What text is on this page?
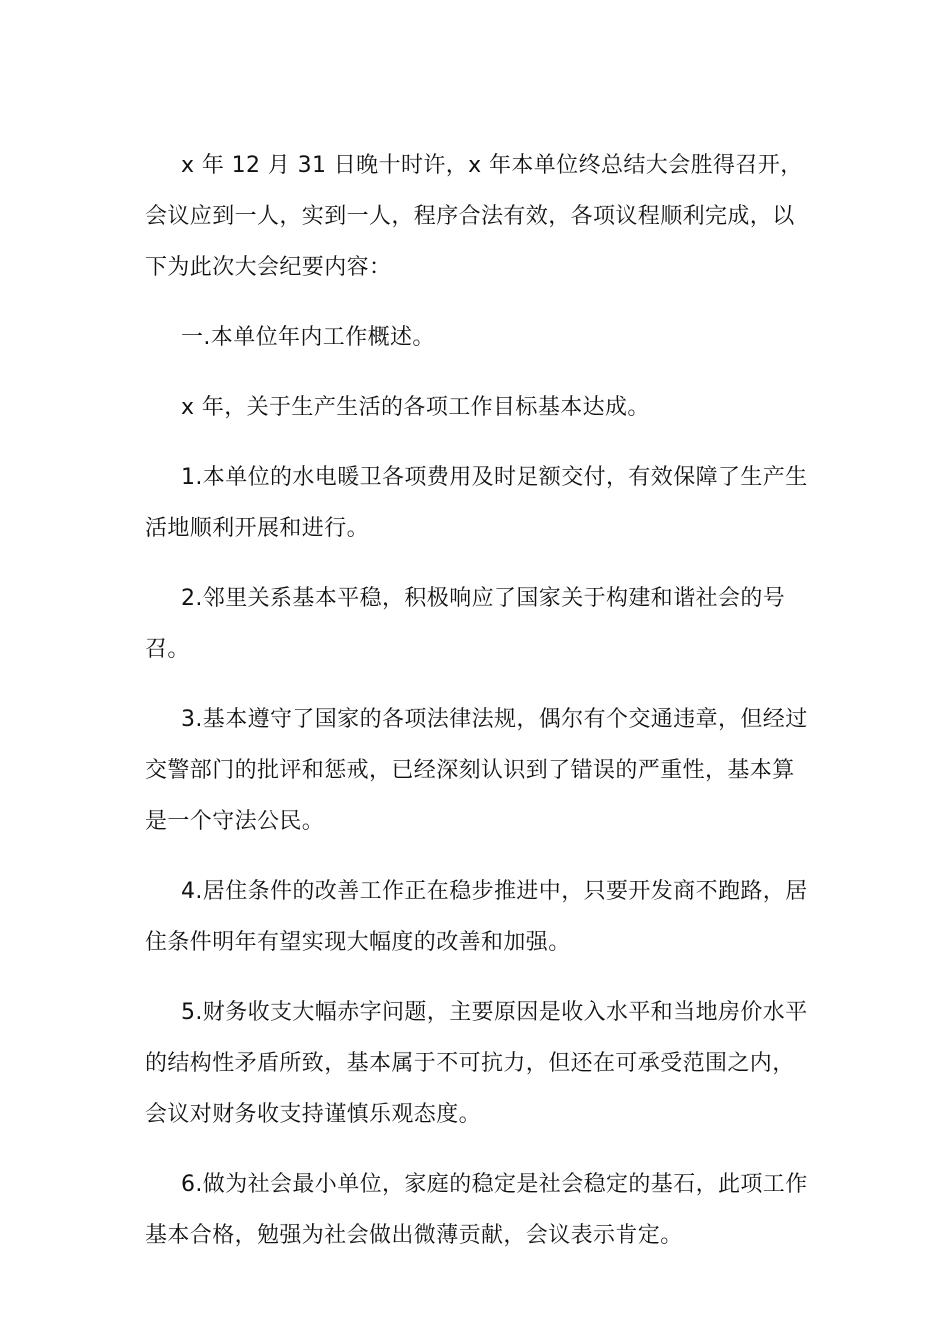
x 年 12 月 31 日晚十时许，x 年本单位终总结大会胜得召开，会议应到一人，实到一人，程序合法有效，各项议程顺利完成，以下为此次大会纪要内容：

一.本单位年内工作概述。

x 年，关于生产生活的各项工作目标基本达成。

1.本单位的水电暖卫各项费用及时足额交付，有效保障了生产生活地顺利开展和进行。

2.邻里关系基本平稳，积极响应了国家关于构建和谐社会的号召。

3.基本遵守了国家的各项法律法规，偶尔有个交通违章，但经过交警部门的批评和惩戒，已经深刻认识到了错误的严重性，基本算是一个守法公民。

4.居住条件的改善工作正在稳步推进中，只要开发商不跑路，居住条件明年有望实现大幅度的改善和加强。

5.财务收支大幅赤字问题，主要原因是收入水平和当地房价水平的结构性矛盾所致，基本属于不可抗力，但还在可承受范围之内，会议对财务收支持谨慎乐观态度。

6.做为社会最小单位，家庭的稳定是社会稳定的基石，此项工作基本合格，勉强为社会做出微薄贡献，会议表示肯定。
